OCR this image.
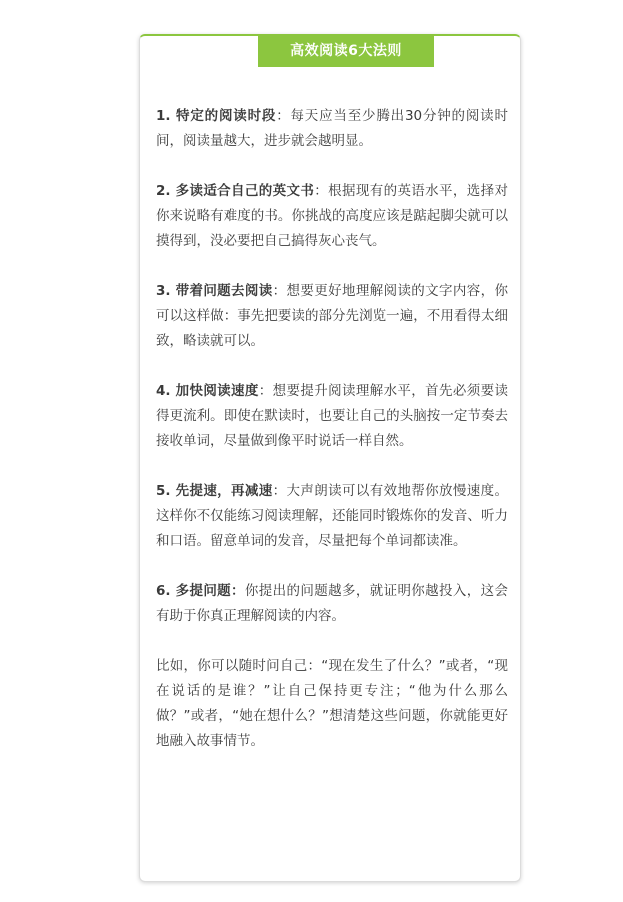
高效阅读6大法则

1. 特定的阅读时段：每天应当至少腾出30分钟的阅读时间，阅读量越大，进步就会越明显。

2. 多读适合自己的英文书：根据现有的英语水平，选择对你来说略有难度的书。你挑战的高度应该是踮起脚尖就可以摸得到，没必要把自己搞得灰心丧气。

3. 带着问题去阅读：想要更好地理解阅读的文字内容，你可以这样做：事先把要读的部分先浏览一遍，不用看得太细致，略读就可以。

4. 加快阅读速度：想要提升阅读理解水平，首先必须要读得更流利。即使在默读时，也要让自己的头脑按一定节奏去接收单词，尽量做到像平时说话一样自然。

5. 先提速，再减速：大声朗读可以有效地帮你放慢速度。这样你不仅能练习阅读理解，还能同时锻炼你的发音、听力和口语。留意单词的发音，尽量把每个单词都读准。

6. 多提问题：你提出的问题越多，就证明你越投入，这会有助于你真正理解阅读的内容。

比如，你可以随时问自己：“现在发生了什么？”或者，“现在说话的是谁？”让自己保持更专注；“他为什么那么做？”或者，“她在想什么？”想清楚这些问题，你就能更好地融入故事情节。
